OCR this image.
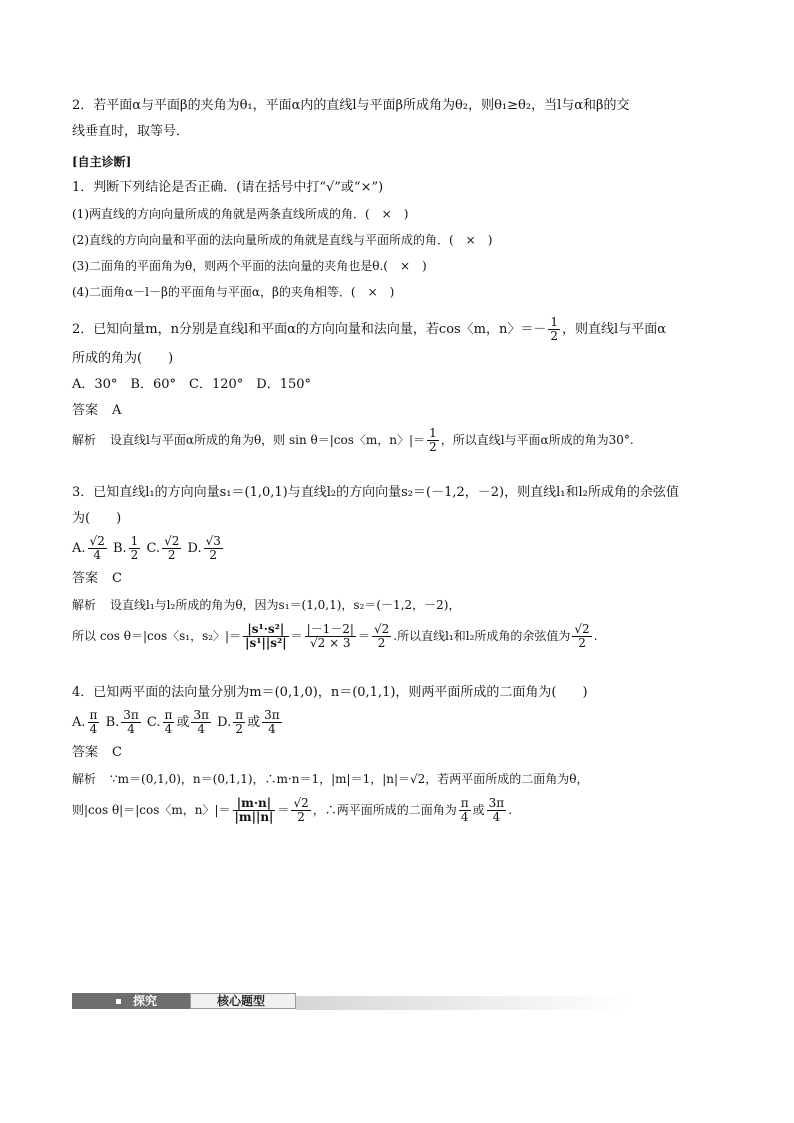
2．若平面α与平面β的夹角为θ₁，平面α内的直线l与平面β所成角为θ₂，则θ₁≥θ₂，当l与α和β的交
线垂直时，取等号．
[自主诊断]
1．判断下列结论是否正确．(请在括号中打“√”或“×”)
(1)两直线的方向向量所成的角就是两条直线所成的角．(　×　)
(2)直线的方向向量和平面的法向量所成的角就是直线与平面所成的角．(　×　)
(3)二面角的平面角为θ，则两个平面的法向量的夹角也是θ.(　×　)
(4)二面角α－l－β的平面角与平面α，β的夹角相等．(　×　)
2．已知向量m，n分别是直线l和平面α的方向向量和法向量，若cos〈m，n〉＝－ $\frac{1}{2}$ ，则直线l与平面α
所成的角为(　　)
A．30°　B．60°　C．120°　D．150°
答案 A
解析 设直线l与平面α所成的角为θ，则 sin θ＝|cos〈m，n〉|＝ $\frac{1}{2}$ ，所以直线l与平面α所成的角为30°.
3．已知直线l₁的方向向量s₁＝(1,0,1)与直线l₂的方向向量s₂＝(－1,2，－2)，则直线l₁和l₂所成角的余弦值
为(　　)
A. $\frac{√2}{4} B$. $\frac{1}{2} C$. $\frac{√2}{2} D$. $\frac{√3}{2}$
答案 C
解析 设直线l₁与l₂所成的角为θ，因为s₁＝(1,0,1)，s₂＝(－1,2，－2)，
所以 cos θ＝|cos〈s₁，s₂〉|＝ $\frac{\text{|s¹·s²|}}{\text{|s¹||s²|}} = \frac{|-1-2|}{√2 \times 3} = \frac{√2}{2}$ .所以直线l₁和l₂所成角的余弦值为 $\frac{√2}{2}$ .
4．已知两平面的法向量分别为m＝(0,1,0)，n＝(0,1,1)，则两平面所成的二面角为(　　)
A. $\frac{\pi}{4} B$. $\frac{3\pi}{4} C$. $\frac{\pi}{4}$ 或 $\frac{3\pi}{4} D$. $\frac{\pi}{2}$ 或 $\frac{3\pi}{4}$
答案 C
解析 ∵m＝(0,1,0)，n＝(0,1,1)，∴m·n＝1，|m|＝1，|n|＝√2，若两平面所成的二面角为θ，
则|cos θ|＝|cos〈m，n〉|＝ $\frac{|m\cdot n|}{|m||n|} = \frac{√2}{2}$ ，∴两平面所成的二面角为 $\frac{\pi}{4}$ 或 $\frac{3\pi}{4}$ .
探究	核心题型
